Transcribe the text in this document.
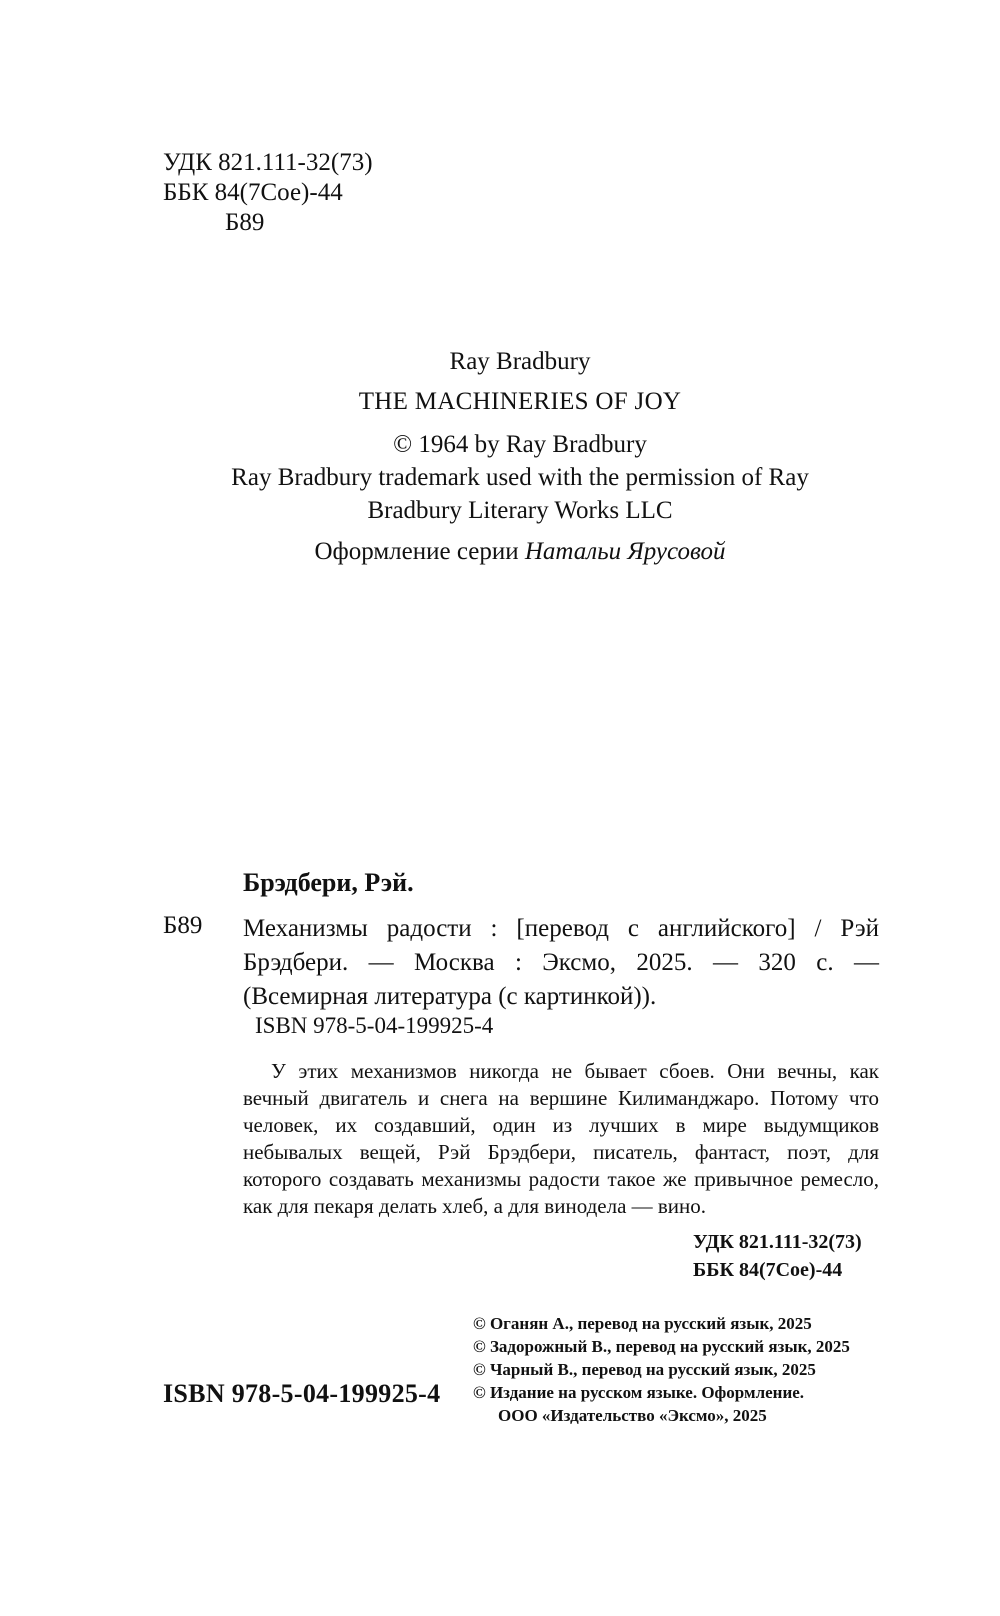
УДК 821.111-32(73)
ББК 84(7Сое)-44
Б89
Ray Bradbury
THE MACHINERIES OF JOY
© 1964 by Ray Bradbury
Ray Bradbury trademark used with the permission of Ray
Bradbury Literary Works LLC
Оформление серии Натальи Ярусовой
Брэдбери, Рэй.
Б89 Механизмы радости : [перевод с английского] / Рэй Брэдбери. — Москва : Эксмо, 2025. — 320 с. — (Всемирная литература (с картинкой)).
ISBN 978-5-04-199925-4
У этих механизмов никогда не бывает сбоев. Они вечны, как вечный двигатель и снега на вершине Килиманджаро. Потому что человек, их создавший, один из лучших в мире выдумщиков небывалых вещей, Рэй Брэдбери, писатель, фантаст, поэт, для которого создавать механизмы радости такое же привычное ремесло, как для пекаря делать хлеб, а для винодела — вино.
УДК 821.111-32(73)
ББК 84(7Сое)-44
ISBN 978-5-04-199925-4
© Оганян А., перевод на русский язык, 2025
© Задорожный В., перевод на русский язык, 2025
© Чарный В., перевод на русский язык, 2025
© Издание на русском языке. Оформление.
ООО «Издательство «Эксмо», 2025
